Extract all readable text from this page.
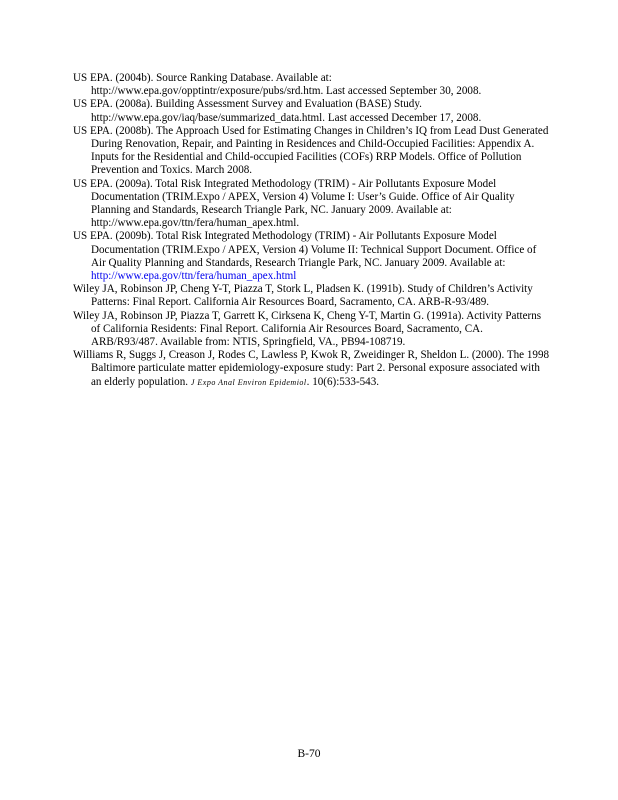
US EPA. (2004b). Source Ranking Database. Available at: http://www.epa.gov/opptintr/exposure/pubs/srd.htm. Last accessed September 30, 2008.

US EPA. (2008a). Building Assessment Survey and Evaluation (BASE) Study. http://www.epa.gov/iaq/base/summarized_data.html. Last accessed December 17, 2008.

US EPA. (2008b). The Approach Used for Estimating Changes in Children’s IQ from Lead Dust Generated During Renovation, Repair, and Painting in Residences and Child-Occupied Facilities: Appendix A. Inputs for the Residential and Child-occupied Facilities (COFs) RRP Models. Office of Pollution Prevention and Toxics. March 2008.

US EPA. (2009a). Total Risk Integrated Methodology (TRIM) - Air Pollutants Exposure Model Documentation (TRIM.Expo / APEX, Version 4) Volume I: User’s Guide. Office of Air Quality Planning and Standards, Research Triangle Park, NC. January 2009. Available at: http://www.epa.gov/ttn/fera/human_apex.html.

US EPA. (2009b). Total Risk Integrated Methodology (TRIM) - Air Pollutants Exposure Model Documentation (TRIM.Expo / APEX, Version 4) Volume II: Technical Support Document. Office of Air Quality Planning and Standards, Research Triangle Park, NC. January 2009. Available at: http://www.epa.gov/ttn/fera/human_apex.html

Wiley JA, Robinson JP, Cheng Y-T, Piazza T, Stork L, Pladsen K. (1991b). Study of Children’s Activity Patterns: Final Report. California Air Resources Board, Sacramento, CA. ARB-R-93/489.

Wiley JA, Robinson JP, Piazza T, Garrett K, Cirksena K, Cheng Y-T, Martin G. (1991a). Activity Patterns of California Residents: Final Report. California Air Resources Board, Sacramento, CA. ARB/R93/487. Available from: NTIS, Springfield, VA., PB94-108719.

Williams R, Suggs J, Creason J, Rodes C, Lawless P, Kwok R, Zweidinger R, Sheldon L. (2000). The 1998 Baltimore particulate matter epidemiology-exposure study: Part 2. Personal exposure associated with an elderly population. J Expo Anal Environ Epidemiol. 10(6):533-543.

B-70
